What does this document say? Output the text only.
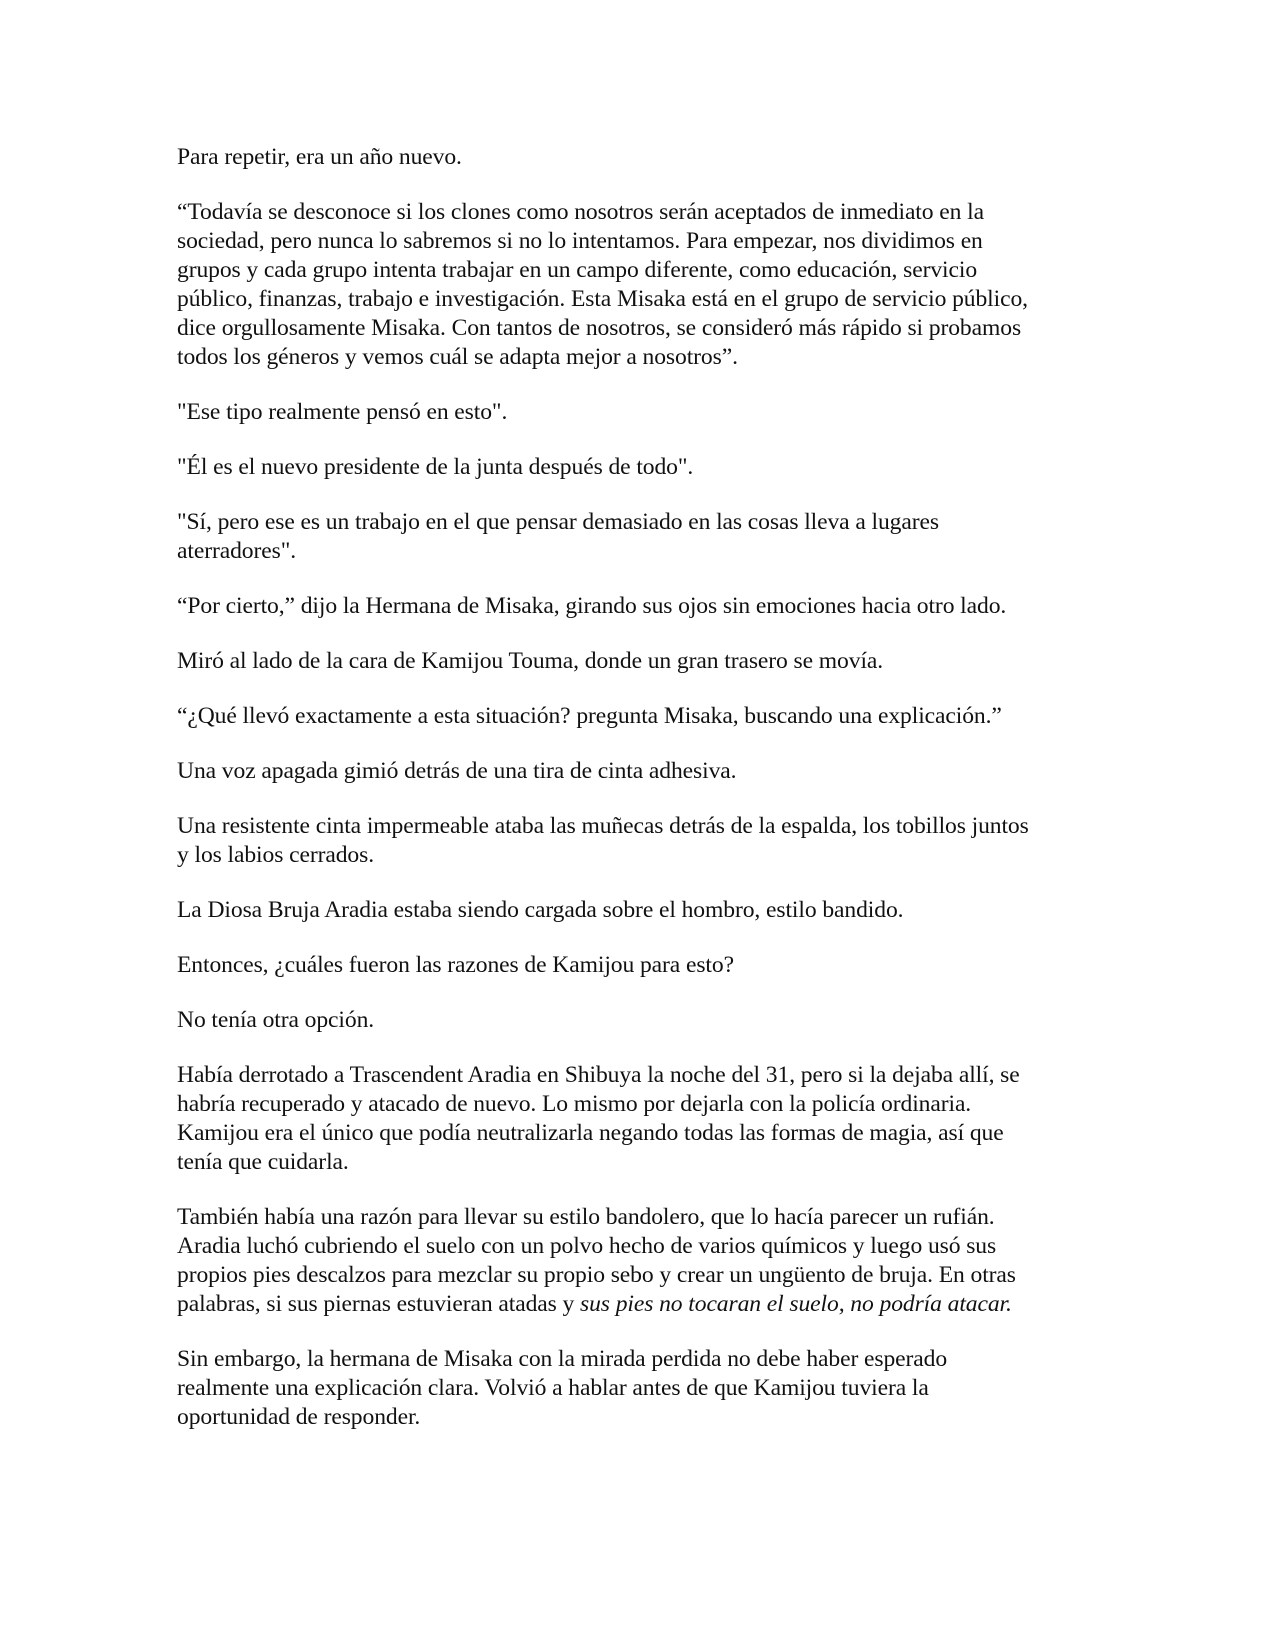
Para repetir, era un año nuevo.

“Todavía se desconoce si los clones como nosotros serán aceptados de inmediato en la
sociedad, pero nunca lo sabremos si no lo intentamos. Para empezar, nos dividimos en
grupos y cada grupo intenta trabajar en un campo diferente, como educación, servicio
público, finanzas, trabajo e investigación. Esta Misaka está en el grupo de servicio público,
dice orgullosamente Misaka. Con tantos de nosotros, se consideró más rápido si probamos
todos los géneros y vemos cuál se adapta mejor a nosotros”.

"Ese tipo realmente pensó en esto".

"Él es el nuevo presidente de la junta después de todo".

"Sí, pero ese es un trabajo en el que pensar demasiado en las cosas lleva a lugares
aterradores".

“Por cierto,” dijo la Hermana de Misaka, girando sus ojos sin emociones hacia otro lado.

Miró al lado de la cara de Kamijou Touma, donde un gran trasero se movía.

“¿Qué llevó exactamente a esta situación? pregunta Misaka, buscando una explicación.”

Una voz apagada gimió detrás de una tira de cinta adhesiva.

Una resistente cinta impermeable ataba las muñecas detrás de la espalda, los tobillos juntos
y los labios cerrados.

La Diosa Bruja Aradia estaba siendo cargada sobre el hombro, estilo bandido.

Entonces, ¿cuáles fueron las razones de Kamijou para esto?

No tenía otra opción.

Había derrotado a Trascendent Aradia en Shibuya la noche del 31, pero si la dejaba allí, se
habría recuperado y atacado de nuevo. Lo mismo por dejarla con la policía ordinaria.
Kamijou era el único que podía neutralizarla negando todas las formas de magia, así que
tenía que cuidarla.

También había una razón para llevar su estilo bandolero, que lo hacía parecer un rufián.
Aradia luchó cubriendo el suelo con un polvo hecho de varios químicos y luego usó sus
propios pies descalzos para mezclar su propio sebo y crear un ungüento de bruja. En otras
palabras, si sus piernas estuvieran atadas y sus pies no tocaran el suelo, no podría atacar.

Sin embargo, la hermana de Misaka con la mirada perdida no debe haber esperado
realmente una explicación clara. Volvió a hablar antes de que Kamijou tuviera la
oportunidad de responder.
